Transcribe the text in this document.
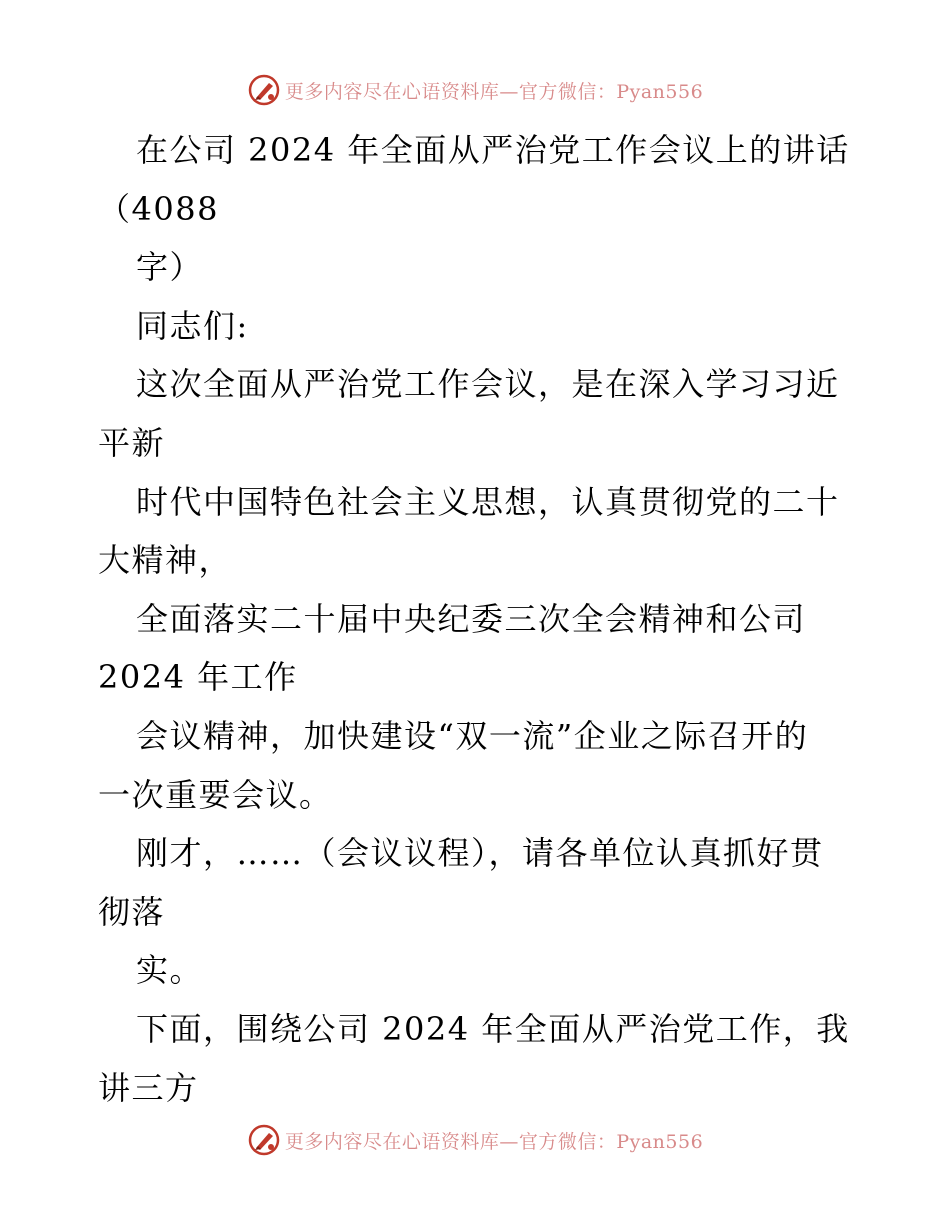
更多内容尽在心语资料库—官方微信：Pyan556
在公司 2024 年全面从严治党工作会议上的讲话
（4088
字）
同志们:
这次全面从严治党工作会议，是在深入学习习近
平新
时代中国特色社会主义思想，认真贯彻党的二十
大精神，
全面落实二十届中央纪委三次全会精神和公司
2024 年工作
会议精神，加快建设“双一流”企业之际召开的
一次重要会议。
刚才，……（会议议程），请各单位认真抓好贯
彻落
实。
下面，围绕公司 2024 年全面从严治党工作，我
讲三方
更多内容尽在心语资料库—官方微信：Pyan556
